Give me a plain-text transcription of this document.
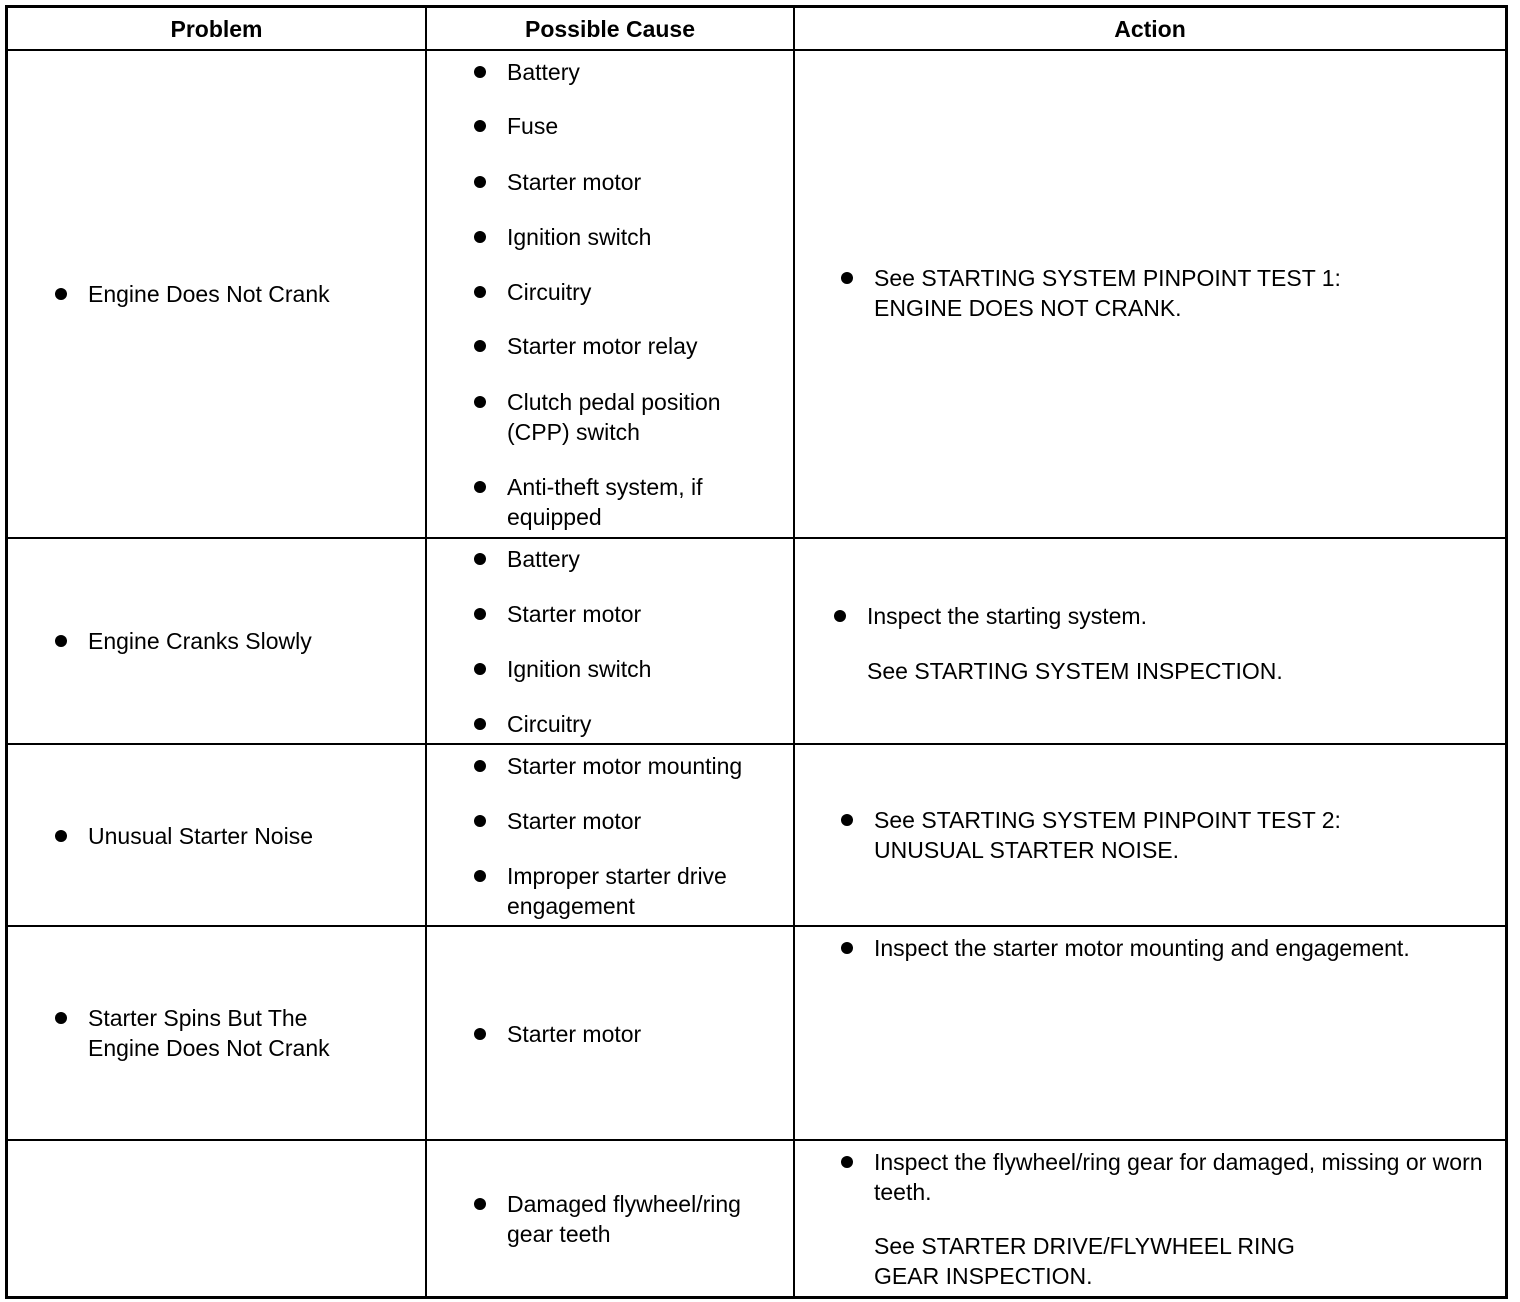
Problem	Possible Cause	Action
Engine Does Not Crank
Battery
Fuse
Starter motor
Ignition switch
Circuitry
Starter motor relay
Clutch pedal position (CPP) switch
Anti-theft system, if equipped
See STARTING SYSTEM PINPOINT TEST 1: ENGINE DOES NOT CRANK.
Engine Cranks Slowly
Battery
Starter motor
Ignition switch
Circuitry
Inspect the starting system.
See STARTING SYSTEM INSPECTION.
Unusual Starter Noise
Starter motor mounting
Starter motor
Improper starter drive engagement
See STARTING SYSTEM PINPOINT TEST 2: UNUSUAL STARTER NOISE.
Starter Spins But The Engine Does Not Crank
Starter motor
Inspect the starter motor mounting and engagement.
Damaged flywheel/ring gear teeth
Inspect the flywheel/ring gear for damaged, missing or worn teeth.
See STARTER DRIVE/FLYWHEEL RING GEAR INSPECTION.
